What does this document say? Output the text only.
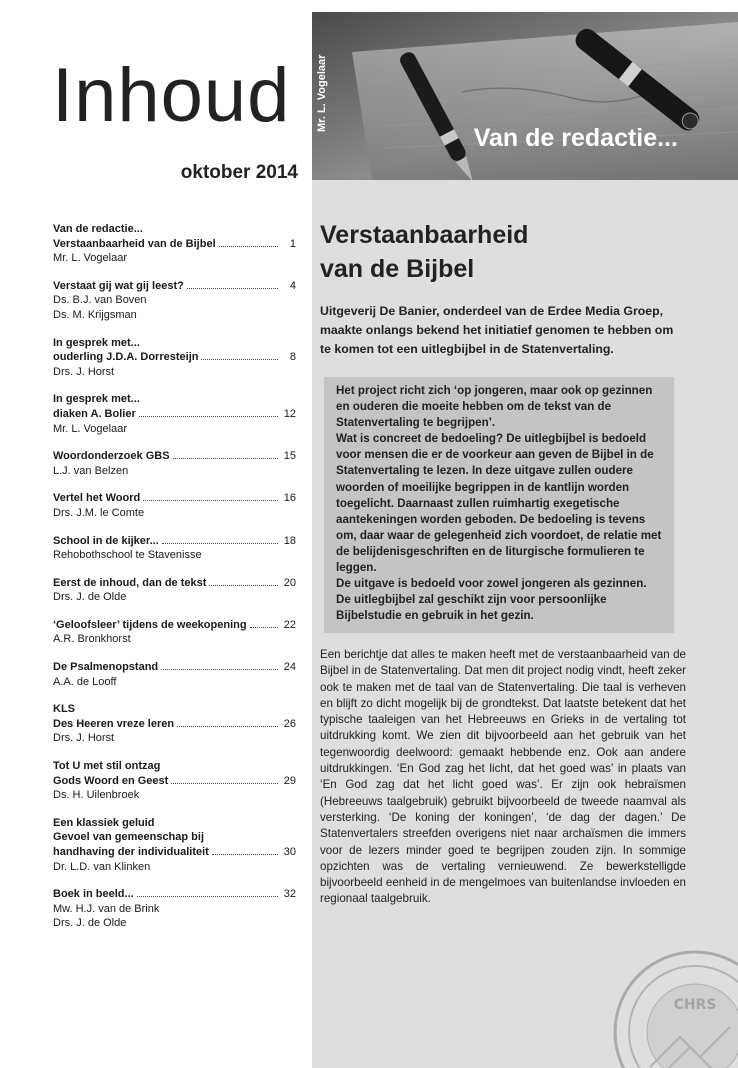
Inhoud
oktober 2014
Van de redactie...
Verstaanbaarheid van de Bijbel	1
Mr. L. Vogelaar
Verstaat gij wat gij leest?	4
Ds. B.J. van Boven
Ds. M. Krijgsman
In gesprek met...
ouderling J.D.A. Dorresteijn	8
Drs. J. Horst
In gesprek met...
diaken A. Bolier	12
Mr. L. Vogelaar
Woordonderzoek GBS	15
L.J. van Belzen
Vertel het Woord	16
Drs. J.M. le Comte
School in de kijker...	18
Rehobothschool te Stavenisse
Eerst de inhoud, dan de tekst	20
Drs. J. de Olde
‘Geloofsleer’ tijdens de weekopening	22
A.R. Bronkhorst
De Psalmenopstand	24
A.A. de Looff
KLS
Des Heeren vreze leren	26
Drs. J. Horst
Tot U met stil ontzag
Gods Woord en Geest	29
Ds. H. Uilenbroek
Een klassiek geluid
Gevoel van gemeenschap bij
handhaving der individualiteit	30
Dr. L.D. van Klinken
Boek in beeld...	32
Mw. H.J. van de Brink
Drs. J. de Olde
Mr. L. Vogelaar
Van de redactie...
Verstaanbaarheid
van de Bijbel
Uitgeverij De Banier, onderdeel van de Erdee Media Groep, maakte onlangs bekend het initiatief genomen te hebben om te komen tot een uitlegbijbel in de Statenvertaling.

Het project richt zich ‘op jongeren, maar ook op gezinnen en ouderen die moeite hebben om de tekst van de Statenvertaling te begrijpen’.

Wat is concreet de bedoeling? De uitlegbijbel is bedoeld voor mensen die er de voorkeur aan geven de Bijbel in de Statenvertaling te lezen. In deze uitgave zullen oudere woorden of moeilijke begrippen in de kantlijn worden toegelicht. Daarnaast zullen ruimhartig exegetische aantekeningen worden geboden. De bedoeling is tevens om, daar waar de gelegenheid zich voordoet, de relatie met de belijdenisgeschriften en de liturgische formulieren te leggen.

De uitgave is bedoeld voor zowel jongeren als gezinnen. De uitlegbijbel zal geschikt zijn voor persoonlijke Bijbelstudie en gebruik in het gezin.

Een berichtje dat alles te maken heeft met de verstaanbaarheid van de Bijbel in de Statenvertaling. Dat men dit project nodig vindt, heeft zeker ook te maken met de taal van de Statenvertaling. Die taal is verheven en blijft zo dicht mogelijk bij de grondtekst. Dat laatste betekent dat het typische taaleigen van het Hebreeuws en Grieks in de vertaling tot uitdrukking komt. We zien dit bijvoorbeeld aan het gebruik van het tegenwoordig deelwoord: gemaakt hebbende enz. Ook aan andere uitdrukkingen. ‘En God zag het licht, dat het goed was’ in plaats van ‘En God zag dat het licht goed was’. Er zijn ook hebraïsmen (Hebreeuws taalgebruik) gebruikt bijvoorbeeld de tweede naamval als versterking. ‘De koning der koningen’, ‘de dag der dagen.’ De Statenvertalers streefden overigens niet naar archaïsmen die immers voor de lezers minder goed te begrijpen zouden zijn. In sommige opzichten was de vertaling vernieuwend. Ze bewerkstelligde bijvoorbeeld eenheid in de mengelmoes van buitenlandse invloeden en regionaal taalgebruik.
CHRS
